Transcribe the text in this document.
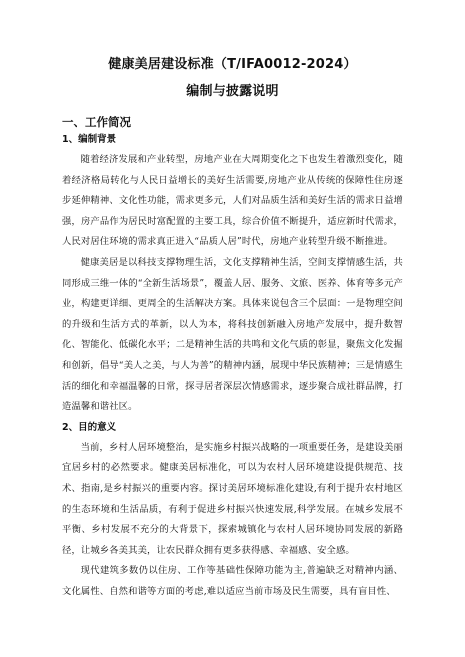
健康美居建设标准（T/IFA0012-2024）

编制与披露说明

一、工作简况
1、编制背景

随着经济发展和产业转型，房地产业在大周期变化之下也发生着激烈变化，随着经济格局转化与人民日益增长的美好生活需要,房地产业从传统的保障性住房逐步延伸精神、文化性功能，需求更多元，人们对品质生活和美好生活的需求日益增强，房产品作为居民时富配置的主要工具，综合价值不断提升，适应新时代需求，人民对居住环境的需求真正进入“品质人居”时代，房地产业转型升级不断推进。

健康美居是以科技支撑物理生活，文化支撑精神生活，空间支撑情感生活，共同形成三维一体的“全新生活场景”，覆盖人居、服务、文旅、医养、体育等多元产业，构建更详细、更周全的生活解决方案。具体来说包含三个层面：一是物理空间的升级和生活方式的革新，以人为本，将科技创新融入房地产发展中，提升数智化、智能化、低碳化水平；二是精神生活的共鸣和文化气质的彰显，聚焦文化发掘和创新，倡导“美人之美，与人为善”的精神内涵，展现中华民族精神；三是情感生活的细化和幸福温馨的日常，探寻居者深层次情感需求，逐步聚合成社群品牌，打造温馨和谐社区。

2、目的意义

当前，乡村人居环境整治，是实施乡村振兴战略的一项重要任务，是建设美丽宜居乡村的必然要求。健康美居标准化，可以为农村人居环境建设提供规范、技术、指南,是乡村振兴的重要内容。探讨美居环境标准化建设,有利于提升农村地区的生态环境和生活品质，有利于促进乡村振兴快速发展,科学发展。在城乡发展不平衡、乡村发展不充分的大背景下，探索城镇化与农村人居环境协同发展的新路径，让城乡各美其美，让农民群众拥有更多获得感、幸福感、安全感。

现代建筑多数仍以住房、工作等基础性保障功能为主,普遍缺乏对精神内涵、文化属性、自然和谐等方面的考虑,难以适应当前市场及民生需要，具有盲目性、
